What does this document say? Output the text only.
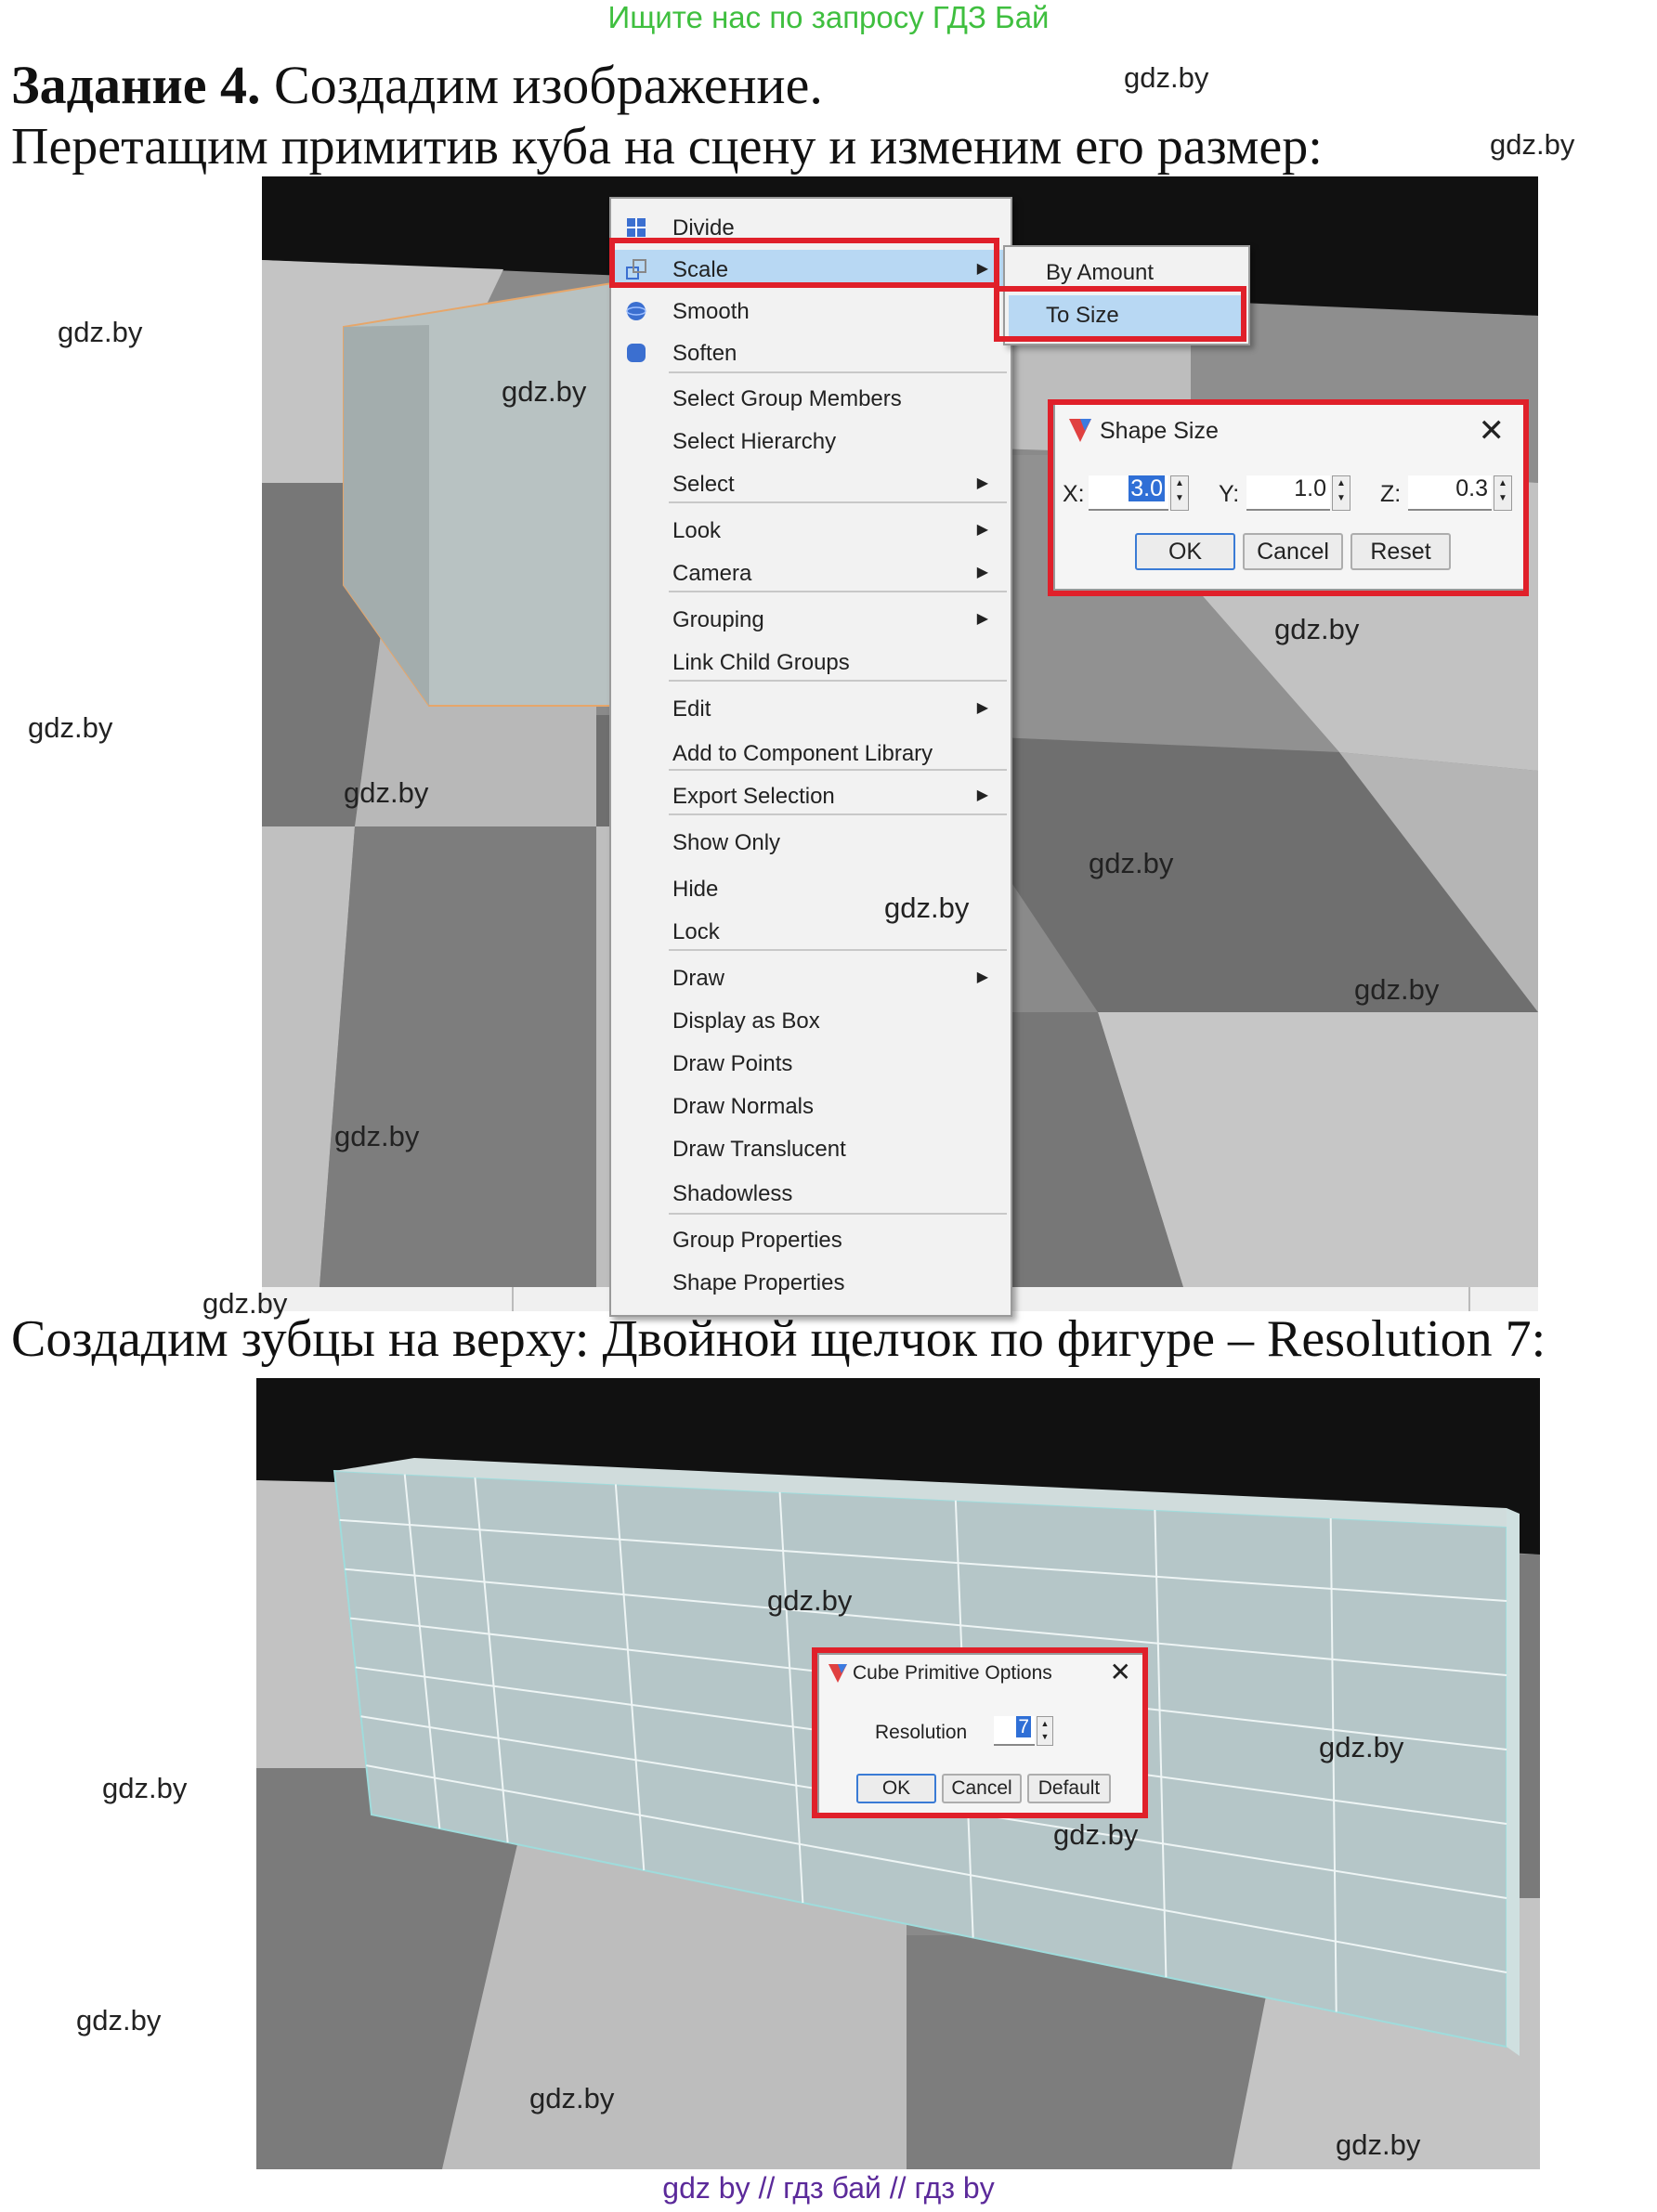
Ищите нас по запросу ГДЗ Бай
Задание 4. Создадим изображение.
Перетащим примитив куба на сцену и изменим его размер:
Divide
Scale	▶
Smooth
Soften
Select Group Members
Select Hierarchy
Select	▶
Look	▶
Camera	▶
Grouping	▶
Link Child Groups
Edit	▶
Add to Component Library
Export Selection	▶
Show Only
Hide
Lock
Draw	▶
Display as Box
Draw Points
Draw Normals
Draw Translucent
Shadowless
Group Properties
Shape Properties
By Amount
To Size
Shape Size	✕
X:	3.0	▲
▼ Y:	1.0	▲
▼ Z:	0.3	▲
▼
OK	Cancel	Reset
Создадим зубцы на верху: Двойной щелчок по фигуре – Resolution 7:
Cube Primitive Options ✕
Resolution	7	▲
▼
OK	Cancel	Default
gdz.by
gdz.by
gdz.by
gdz.by
gdz.by
gdz.by
gdz.by
gdz.by
gdz.by
gdz.by
gdz.by
gdz.by
gdz.by
gdz.by
gdz.by
gdz.by
gdz.by
gdz.by
gdz.by
gdz by // гдз бай // гдз by
